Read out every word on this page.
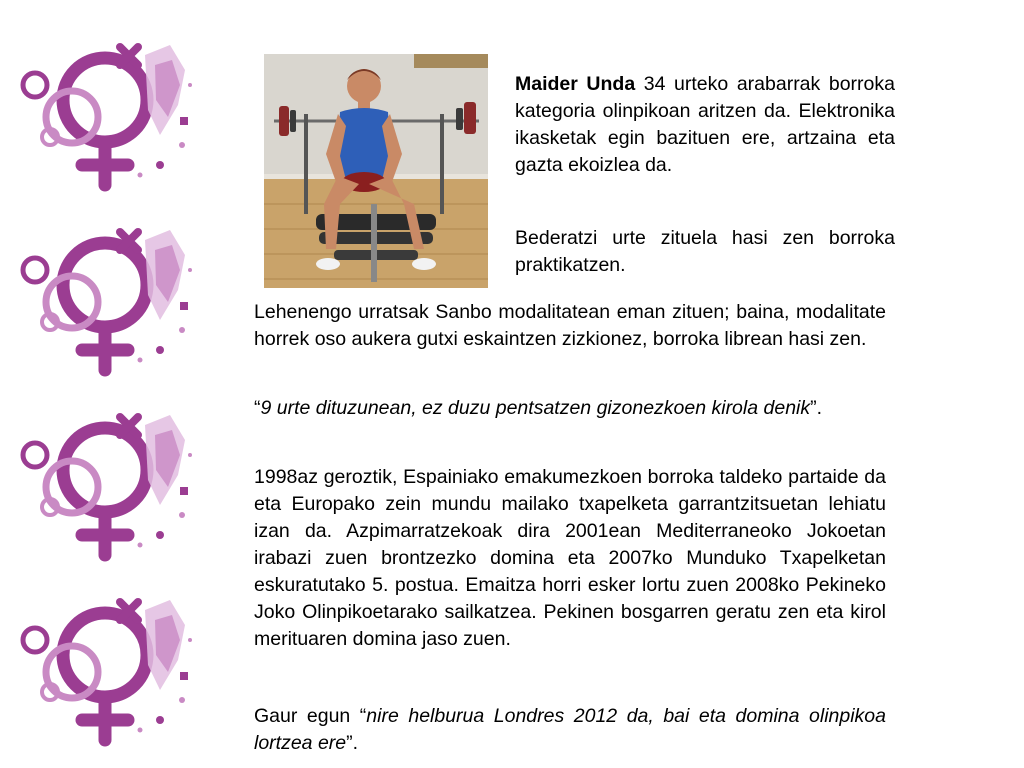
Maider Unda 34 urteko arabarrak borroka kategoria olinpikoan aritzen da. Elektronika ikasketak egin bazituen ere, artzaina eta gazta ekoizlea da.
Bederatzi urte zituela hasi zen borroka praktikatzen.
Lehenengo urratsak Sanbo modalitatean eman zituen; baina, modalitate horrek oso aukera gutxi eskaintzen zizkionez, borroka librean hasi zen.
“9 urte dituzunean, ez duzu pentsatzen gizonezkoen kirola denik”.
1998az geroztik, Espainiako emakumezkoen borroka taldeko partaide da eta Europako zein mundu mailako txapelketa garrantzitsuetan lehiatu izan da. Azpimarratzekoak dira 2001ean Mediterraneoko Jokoetan irabazi zuen brontzezko domina eta 2007ko Munduko Txapelketan eskuratutako 5. postua. Emaitza horri esker lortu zuen 2008ko Pekineko Joko Olinpikoetarako sailkatzea. Pekinen bosgarren geratu zen eta kirol merituaren domina jaso zuen.
Gaur egun “nire helburua Londres 2012 da, bai eta domina olinpikoa lortzea ere”.
